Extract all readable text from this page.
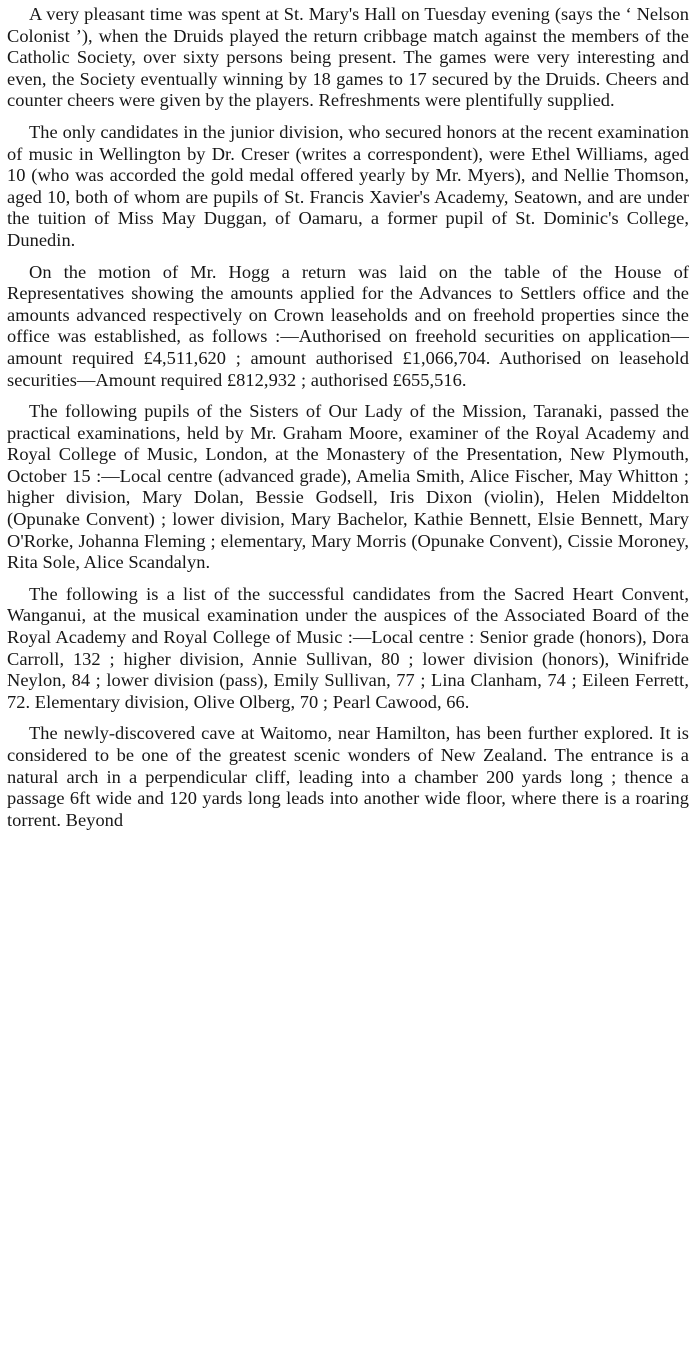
A very pleasant time was spent at St. Mary's Hall on Tuesday evening (says the ‘ Nelson Colonist ’), when the Druids played the return cribbage match against the members of the Catholic Society, over sixty persons being present. The games were very interesting and even, the Society eventually winning by 18 games to 17 secured by the Druids. Cheers and counter cheers were given by the players. Refreshments were plentifully supplied.

The only candidates in the junior division, who secured honors at the recent examination of music in Wellington by Dr. Creser (writes a correspondent), were Ethel Williams, aged 10 (who was accorded the gold medal offered yearly by Mr. Myers), and Nellie Thomson, aged 10, both of whom are pupils of St. Francis Xavier's Academy, Seatown, and are under the tuition of Miss May Duggan, of Oamaru, a former pupil of St. Dominic's College, Dunedin.

On the motion of Mr. Hogg a return was laid on the table of the House of Representatives showing the amounts applied for the Advances to Settlers office and the amounts advanced respectively on Crown leaseholds and on freehold properties since the office was established, as follows :—Authorised on freehold securities on application—amount required £4,511,620 ; amount authorised £1,066,704. Authorised on leasehold securities—Amount required £812,932 ; authorised £655,516.

The following pupils of the Sisters of Our Lady of the Mission, Taranaki, passed the practical examinations, held by Mr. Graham Moore, examiner of the Royal Academy and Royal College of Music, London, at the Monastery of the Presentation, New Plymouth, October 15 :—Local centre (advanced grade), Amelia Smith, Alice Fischer, May Whitton ; higher division, Mary Dolan, Bessie Godsell, Iris Dixon (violin), Helen Middelton (Opunake Convent) ; lower division, Mary Bachelor, Kathie Bennett, Elsie Bennett, Mary O'Rorke, Johanna Fleming ; elementary, Mary Morris (Opunake Convent), Cissie Moroney, Rita Sole, Alice Scandalyn.

The following is a list of the successful candidates from the Sacred Heart Convent, Wanganui, at the musical examination under the auspices of the Associated Board of the Royal Academy and Royal College of Music :—Local centre : Senior grade (honors), Dora Carroll, 132 ; higher division, Annie Sullivan, 80 ; lower division (honors), Winifride Neylon, 84 ; lower division (pass), Emily Sullivan, 77 ; Lina Clanham, 74 ; Eileen Ferrett, 72. Elementary division, Olive Olberg, 70 ; Pearl Cawood, 66.

The newly-discovered cave at Waitomo, near Hamilton, has been further explored. It is considered to be one of the greatest scenic wonders of New Zealand. The entrance is a natural arch in a perpendicular cliff, leading into a chamber 200 yards long ; thence a passage 6ft wide and 120 yards long leads into another wide floor, where there is a roaring torrent. Beyond
